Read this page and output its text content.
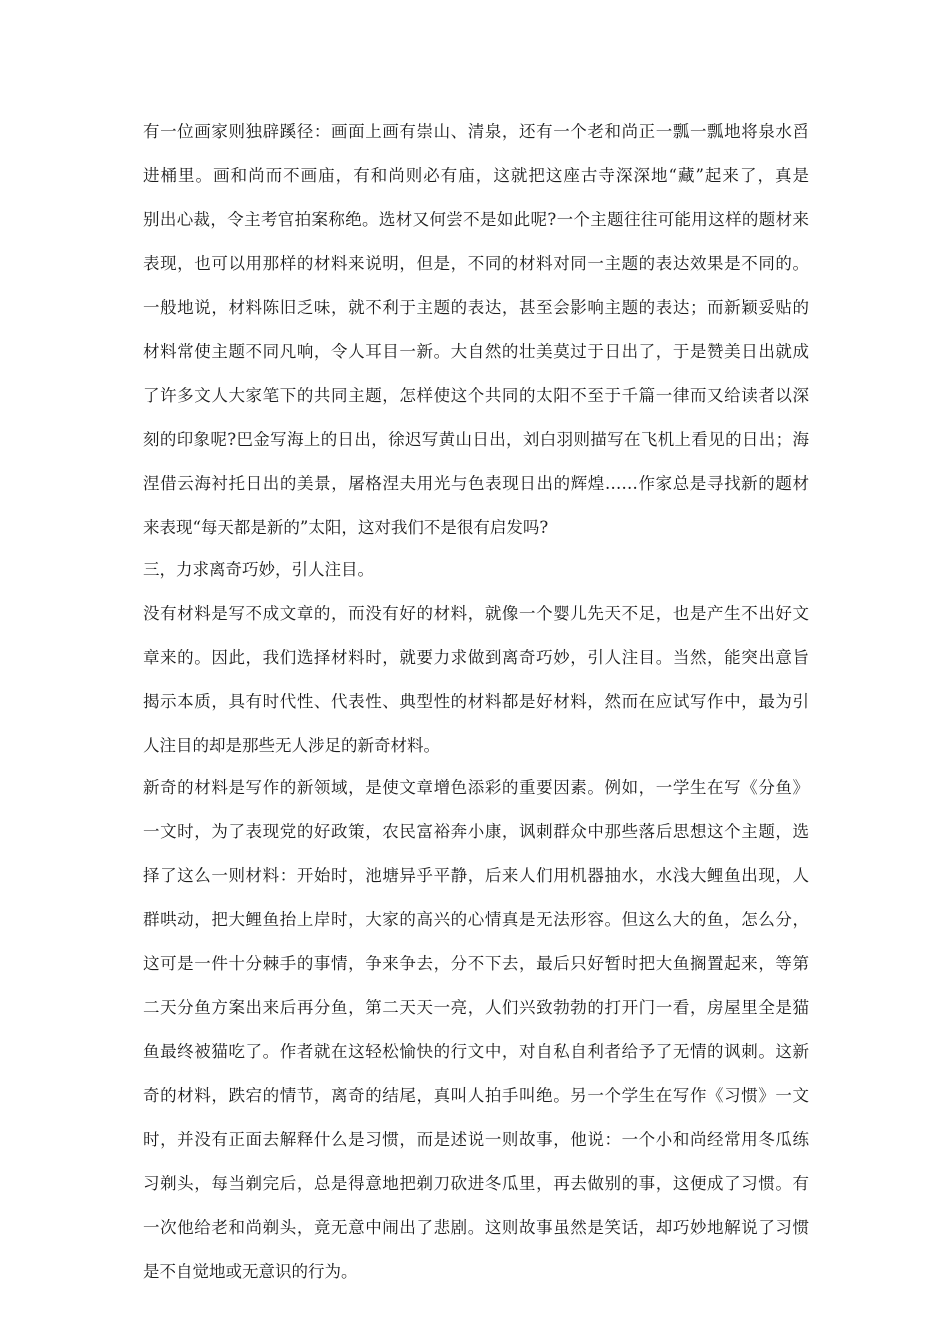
有一位画家则独辟蹊径：画面上画有崇山、清泉，还有一个老和尚正一瓢一瓢地将泉水舀
进桶里。画和尚而不画庙，有和尚则必有庙，这就把这座古寺深深地“藏”起来了，真是
别出心裁，令主考官拍案称绝。选材又何尝不是如此呢?一个主题往往可能用这样的题材来
表现，也可以用那样的材料来说明，但是，不同的材料对同一主题的表达效果是不同的。
一般地说，材料陈旧乏味，就不利于主题的表达，甚至会影响主题的表达；而新颖妥贴的
材料常使主题不同凡响，令人耳目一新。大自然的壮美莫过于日出了，于是赞美日出就成
了许多文人大家笔下的共同主题，怎样使这个共同的太阳不至于千篇一律而又给读者以深
刻的印象呢?巴金写海上的日出，徐迟写黄山日出，刘白羽则描写在飞机上看见的日出；海
涅借云海衬托日出的美景，屠格涅夫用光与色表现日出的辉煌……作家总是寻找新的题材
来表现“每天都是新的”太阳，这对我们不是很有启发吗?
三，力求离奇巧妙，引人注目。
没有材料是写不成文章的，而没有好的材料，就像一个婴儿先天不足，也是产生不出好文
章来的。因此，我们选择材料时，就要力求做到离奇巧妙，引人注目。当然，能突出意旨
揭示本质，具有时代性、代表性、典型性的材料都是好材料，然而在应试写作中，最为引
人注目的却是那些无人涉足的新奇材料。
新奇的材料是写作的新领域，是使文章增色添彩的重要因素。例如，一学生在写《分鱼》
一文时，为了表现党的好政策，农民富裕奔小康，讽刺群众中那些落后思想这个主题，选
择了这么一则材料：开始时，池塘异乎平静，后来人们用机器抽水，水浅大鲤鱼出现，人
群哄动，把大鲤鱼抬上岸时，大家的高兴的心情真是无法形容。但这么大的鱼，怎么分，
这可是一件十分棘手的事情，争来争去，分不下去，最后只好暂时把大鱼搁置起来，等第
二天分鱼方案出来后再分鱼，第二天天一亮，人们兴致勃勃的打开门一看，房屋里全是猫
鱼最终被猫吃了。作者就在这轻松愉快的行文中，对自私自利者给予了无情的讽刺。这新
奇的材料，跌宕的情节，离奇的结尾，真叫人拍手叫绝。另一个学生在写作《习惯》一文
时，并没有正面去解释什么是习惯，而是述说一则故事，他说：一个小和尚经常用冬瓜练
习剃头，每当剃完后，总是得意地把剃刀砍进冬瓜里，再去做别的事，这便成了习惯。有
一次他给老和尚剃头，竟无意中闹出了悲剧。这则故事虽然是笑话，却巧妙地解说了习惯
是不自觉地或无意识的行为。
